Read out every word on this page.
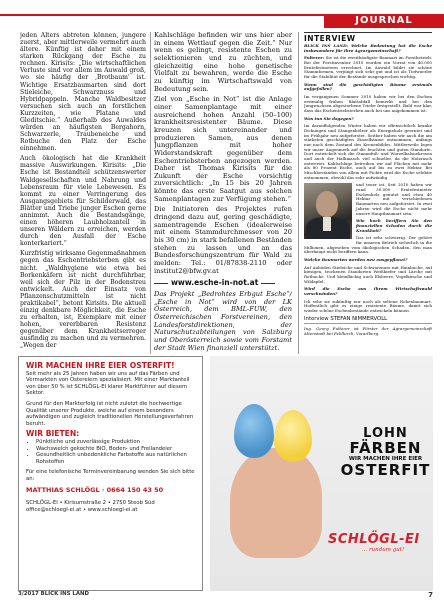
JOURNAL

jeden Alters abtreten können, jungere zuerst, aber mittlerweile vermehrt auch ältere. Künftig ist daher mit einem starken Rückgang der Esche zu rechnen. Kirisits: „Die wirtschaftlichen Verluste sind vor allem im Auwald groß, wo sie häufig der ‚Brotbaum' ist. Wichtige Ersatzbaumarten sind dort Stieleiche, Schwarznuss und Hybridpappeln. Manche Waldbesitzer versuchen sich auch an forstlichen Kurzzeiten, wie Platane und Gleditschie.“ Außerhalb des Auwaldes würden an häufigsten Bergahorn, Schwarzerle, Traubeneiche und Rotbuche den Platz der Esche einnehmen.

Auch ökologisch hat die Krankheit massive Auswirkungen. Kirisits: „Die Esche ist Bestandteil schützenswerter Waldgesellschaften und Nahrung und Lebensraum für viele Lebewesen. Es kommt zu einer Verringerung des Ausgangsgebiets für Schilderwald, das Blätter und Triebe junger Eschen gerne annimmt. Auch die Bestandsgänge, einen höheren Laubholzanteil in unseren Wäldern zu erreichen, werden durch den Ausfall der Esche konterkariert.“

Kurzfristig wirksame Gegenmaßnahmen gegen das Eschentriebsterben gibt es nicht. „Waldhygiene wie etwa bei Borkenkäfern ist nicht durchführbar, weil sich der Pilz in der Bodenstreu entwickelt. Auch der Einsatz von Pflanzenschutzmitteln ist nicht praktikabel“, betont Kirisits. Die aktuell einzig denkbare Möglichkeit, die Esche zu erhalten, ist, Exemplare mit einer hohen, vererbbaren Resistenz gegenüber dem Krankheitserreger ausfindig zu machen und zu vermehren. „Wegen der

Kahlschläge befinden wir uns hier aber in einem Wettlauf gegen die Zeit.“ Nur wenn es gelingt, resistente Eschen zu selektionieren und zu züchten, und gleichzeitig eine hohe genetische Vielfalt zu bewahren, werde die Esche zu künftig im Wirtschaftswald von Bedeutung sein.

Ziel von „Esche in Not“ ist die Anlage einer Samenplantage mit einer ausreichend hohen Anzahl (50–100) krankheitsresistenter Bäume. Diese kreuzen sich untereinander und produzieren Samen, aus denen Jungpflanzen mit hoher Widerstandskraft gegenüber dem Eschentriebsterben angezogen werden. Daher ist Thomas Kirisits für die Zukunft der Esche vorsichtig zuversichtlich: „In 15 bis 20 Jahren könnte das erste Saatgut aus solchen Samenplantagen zur Verfügung stehen.“

Die Initiatoren des Projektes rufen dringend dazu auf, gering geschädigte, samentragende Eschen (idealerweise mit einem Stammdurchmesser von 20 bis 30 cm) in stark befallenen Beständen stehen zu lassen und an das Bundesforschungszentrum für Wald zu melden: Tel.: 01/87838-2110 oder institut2@bfw.gv.at

www.esche-in-not.at

Das Projekt „Bedrohtes Erbgut Esche“/„Esche in Not“ wird von der LK Österreich, dem BML-FUW, den Österreichischen Forstvereinen, den Landesforstdirektionen, der Naturschutzabteilungen von Salzburg und Oberösterreich sowie vom Forstamt der Stadt Wien finanziell unterstützt.

INTERVIEW

BLICK INS LAND: Welche Bedeutung hat die Esche insbesondere für Ihre Agrargemeinschaft?

Fulterer: Sie ist die zweithäufigste Baumart im Forstbetrieb. Bei der Forstinventur 2010 wurden ein Vorrat von 40.000 Erntefestmetern errechnet. Im Auwald bildet sie schöne Stammformen, verjüngt sich sehr gut und ist als Tiefwurzler für die Stabilität der Bestände ausgesprochen wichtig.

Wann sind die geschädigten Bäume erstmals aufgefallen?

Im vergangenen Sommer 2010 haben wir bei den Eschen erstmalig frühen Blattabfall bemerkt und bei den Jungwuchsen abgestorbene Triebe festgestellt. Bald war klar, dass das Eschentriebsterben auch bei uns angekommen ist.

Was tun Sie dagegen?

Im darauffolgenden Winter haben wir offensichtlich kranke Dickungen und Stangenhölzer als Energieholz geerntet und im Frühjahr neu aufgeforstet. Seither haben wir auch die am stärksten geschädigten Einzelbäume entnommen, anfangs nur nach dem Zustand des Kronenbildes. Mittlerweile legen wir unser Augenmerk auf die feuchten und guten Standorte. Dort entwickelt sich die Stammfuß- und Wurzelhalsnekrosen und auch der Hallimasch viel schneller, da die Holzrasch entwertet. Kahlschläge betreiben wir auf Flächen mit mehr als 80 Prozent Esche, auch auf bis zu zwei Hektar. Bei Mischbeständen von allem mit Fichte wird die Esche selektiv entnommen, obwohl das sehr aufwändig

und teuer ist. Seit 2010 haben wir rund 30.000 Erntefestmeter Eschenholz genutzt und etwa 40 Hektar mit verschiedenen Baumarten neu aufgeforstet. In zwei Jahren wird die Esche nicht mehr unsere Hauptbaumart sein.

Wie hoch beziffern Sie den finanziellen Schaden durch die Krankheit?

Das ist sehr schwierig. Der gehört für unseren Betrieb sicherlich in die Millionen, abgesehen vom ökologischen Schaden, den man überhaupt nicht beziffern kann.

Welche Baumarten werden neu ausgepflanzt?

Auf Auböden Stieleiche und Schwarznuss mit Hainbuche, auf kiesigen, trockenen Standorten Weißkiefer und Lärche mit Rotbuche. Und kleinflächig auch Elsbeere, Vogelkirsche und Wildapfel.

Wird die Esche aus Ihrem Wirtschaftswald verschwinden?

Ich sehe sie zukünftig nur noch als seltene Nebenbaumart. Hoffentlich gibt es einige resistente Bäume, damit sich wieder schöne Eschenbestände entwickeln können.

Interview STEFAN NIMMERVOLL

Ing. Georg Fulterer ist Förster der Agrargemeinschaft Altenstadt bei Feldkirch, Vorarlberg.

WIR MACHEN IHRE EIER OSTERFIT!

Seit mehr als 25 Jahren haben wir uns auf das Färben und Vermarkten von Ostereiern spezialisiert. Mit einer Marktanteil von über 50 % ist SCHLÖGL-EI klarer Marktführer auf diesem Sektor.

Grund für den Markterfolg ist nicht zuletzt die hochwertige Qualität unserer Produkte, welche auf einem besonders aufwändigen und zugleich traditionellen Herstellungsverfahren beruht.

WIR BIETEN:
• Pünktliche und zuverlässige Produktion
• Wachsweich gekochte BIO, Boden- und Freilandeier
• Gesundheitlich unbedenkliche Farbstoffe aus natürlichen Rohstoffen

Für eine telefonische Terminvereinbarung wenden Sie sich bitte an:

MATTHIAS SCHLÖGL · 0664 150 43 50
SCHLÖGL-EI • Kirisumstraße 2 • 2750 Steob Süd
office@schloegl-ei.at • www.schloegl-ei.at
LOHN
FÄRBEN
WIR MACHEN IHRE EIER
OSTERFIT
SCHLÖGL-EI
... rundum gut!
3/2017 BLICK INS LAND	7
